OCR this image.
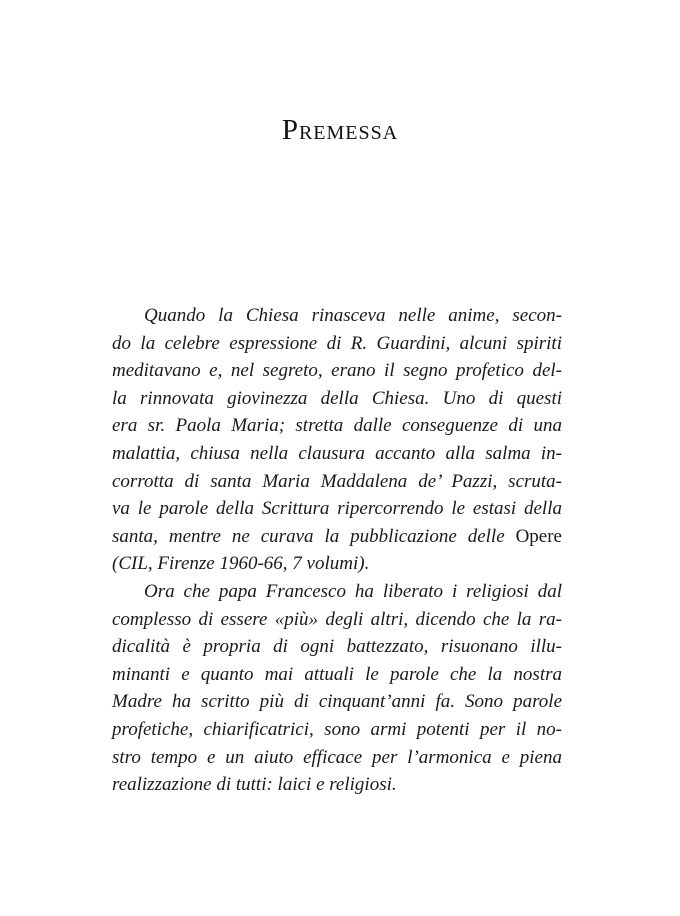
Premessa
Quando la Chiesa rinasceva nelle anime, secon-
do la celebre espressione di R. Guardini, alcuni spiriti
meditavano e, nel segreto, erano il segno profetico del-
la rinnovata giovinezza della Chiesa. Uno di questi
era sr. Paola Maria; stretta dalle conseguenze di una
malattia, chiusa nella clausura accanto alla salma in-
corrotta di santa Maria Maddalena de’ Pazzi, scruta-
va le parole della Scrittura ripercorrendo le estasi della
santa, mentre ne curava la pubblicazione delle Opere
(CIL, Firenze 1960-66, 7 volumi).
Ora che papa Francesco ha liberato i religiosi dal
complesso di essere «più» degli altri, dicendo che la ra-
dicalità è propria di ogni battezzato, risuonano illu-
minanti e quanto mai attuali le parole che la nostra
Madre ha scritto più di cinquant’anni fa. Sono parole
profetiche, chiarificatrici, sono armi potenti per il no-
stro tempo e un aiuto efficace per l’armonica e piena
realizzazione di tutti: laici e religiosi.
